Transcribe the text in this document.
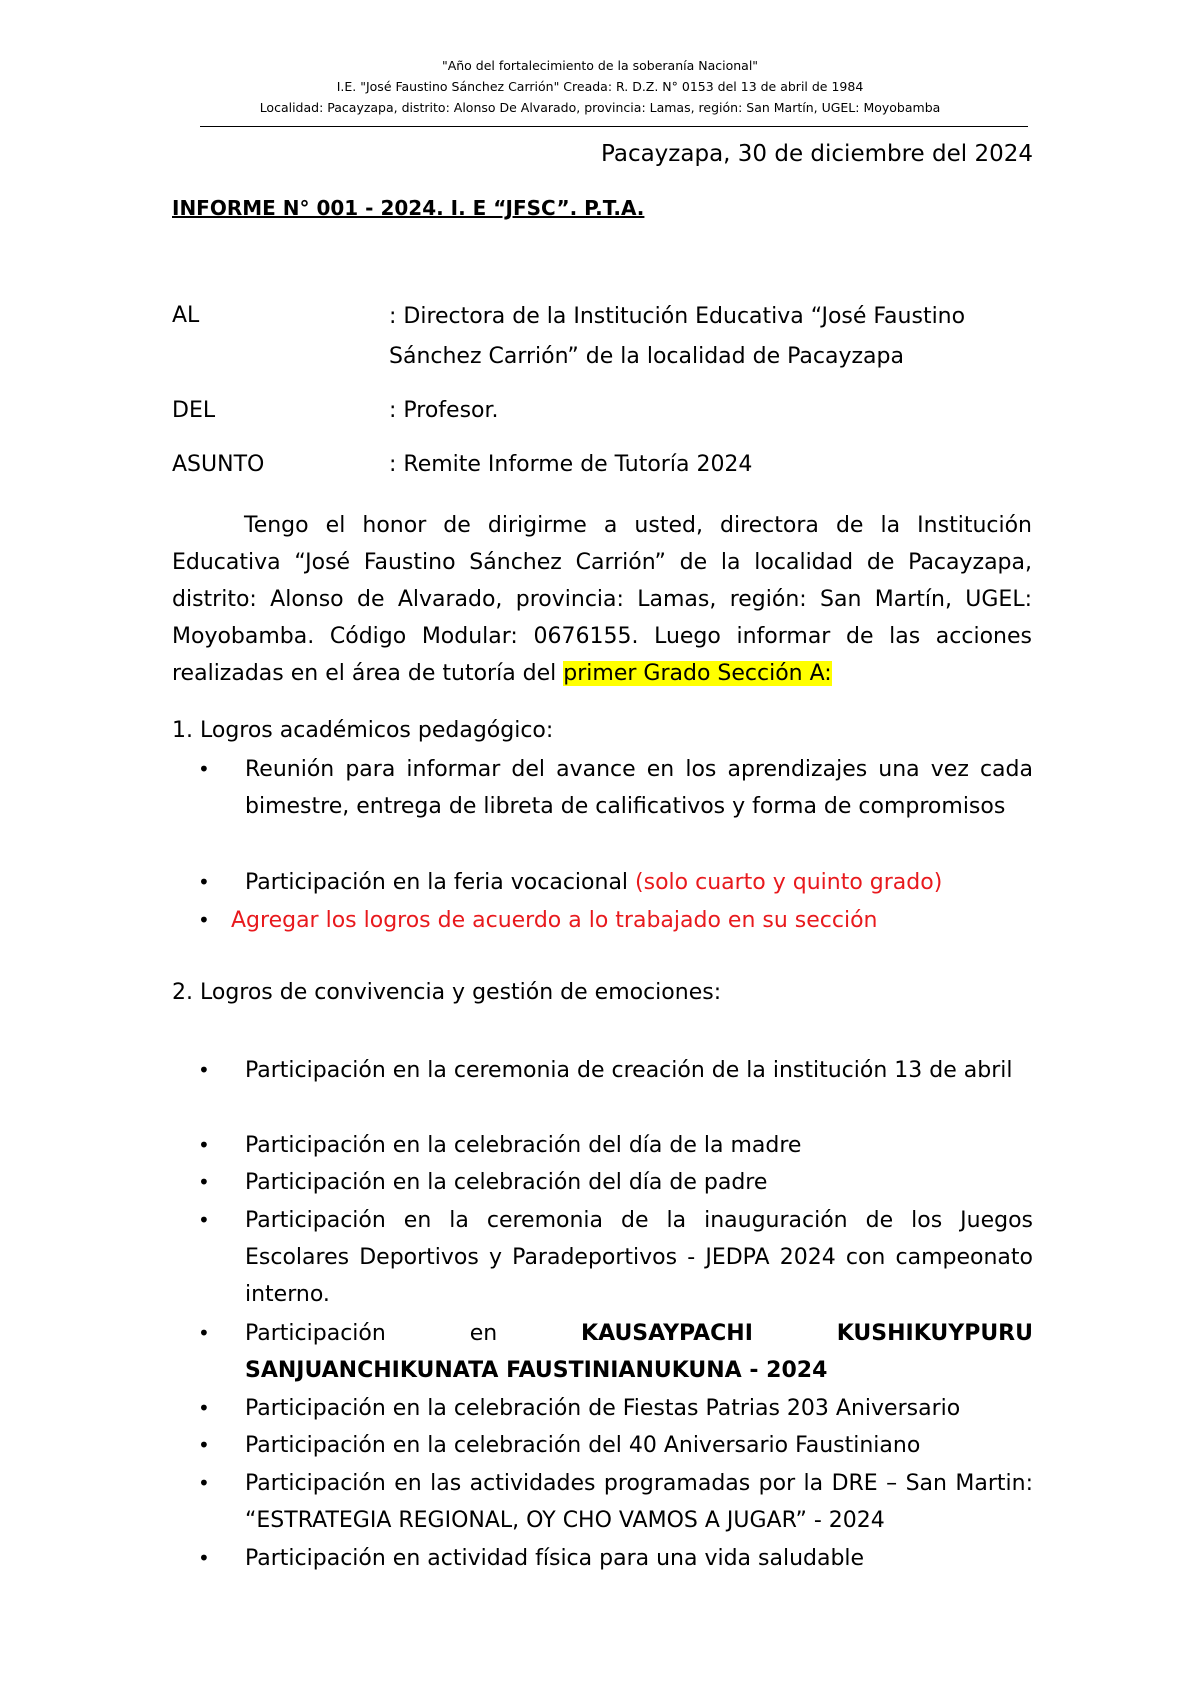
"Año del fortalecimiento de la soberanía Nacional"
I.E. "José Faustino Sánchez Carrión" Creada: R. D.Z. N° 0153 del 13 de abril de 1984
Localidad: Pacayzapa, distrito: Alonso De Alvarado, provincia: Lamas, región: San Martín, UGEL: Moyobamba
Pacayzapa, 30 de diciembre del 2024
INFORME N° 001 - 2024. I. E “JFSC”. P.T.A.
AL	: Directora de la Institución Educativa “José Faustino
Sánchez Carrión” de la localidad de Pacayzapa
DEL	: Profesor.
ASUNTO	: Remite Informe de Tutoría 2024
Tengo el honor de dirigirme a usted, directora de la Institución Educativa “José Faustino Sánchez Carrión” de la localidad de Pacayzapa, distrito: Alonso de Alvarado, provincia: Lamas, región: San Martín, UGEL: Moyobamba. Código Modular: 0676155. Luego informar de las acciones realizadas en el área de tutoría del primer Grado Sección A:
1. Logros académicos pedagógico:
• Reunión para informar del avance en los aprendizajes una vez cada bimestre, entrega de libreta de calificativos y forma de compromisos
• Participación en la feria vocacional (solo cuarto y quinto grado)
• Agregar los logros de acuerdo a lo trabajado en su sección
2. Logros de convivencia y gestión de emociones:
• Participación en la ceremonia de creación de la institución 13 de abril
• Participación en la celebración del día de la madre
• Participación en la celebración del día de padre
• Participación en la ceremonia de la inauguración de los Juegos Escolares Deportivos y Paradeportivos - JEDPA 2024 con campeonato interno.
• Participación	en	KAUSAYPACHI	KUSHIKUYPURU
SANJUANCHIKUNATA FAUSTINIANUKUNA - 2024
• Participación en la celebración de Fiestas Patrias 203 Aniversario
• Participación en la celebración del 40 Aniversario Faustiniano
• Participación en las actividades programadas por la DRE – San Martin: “ESTRATEGIA REGIONAL, OY CHO VAMOS A JUGAR” - 2024
• Participación en actividad física para una vida saludable
